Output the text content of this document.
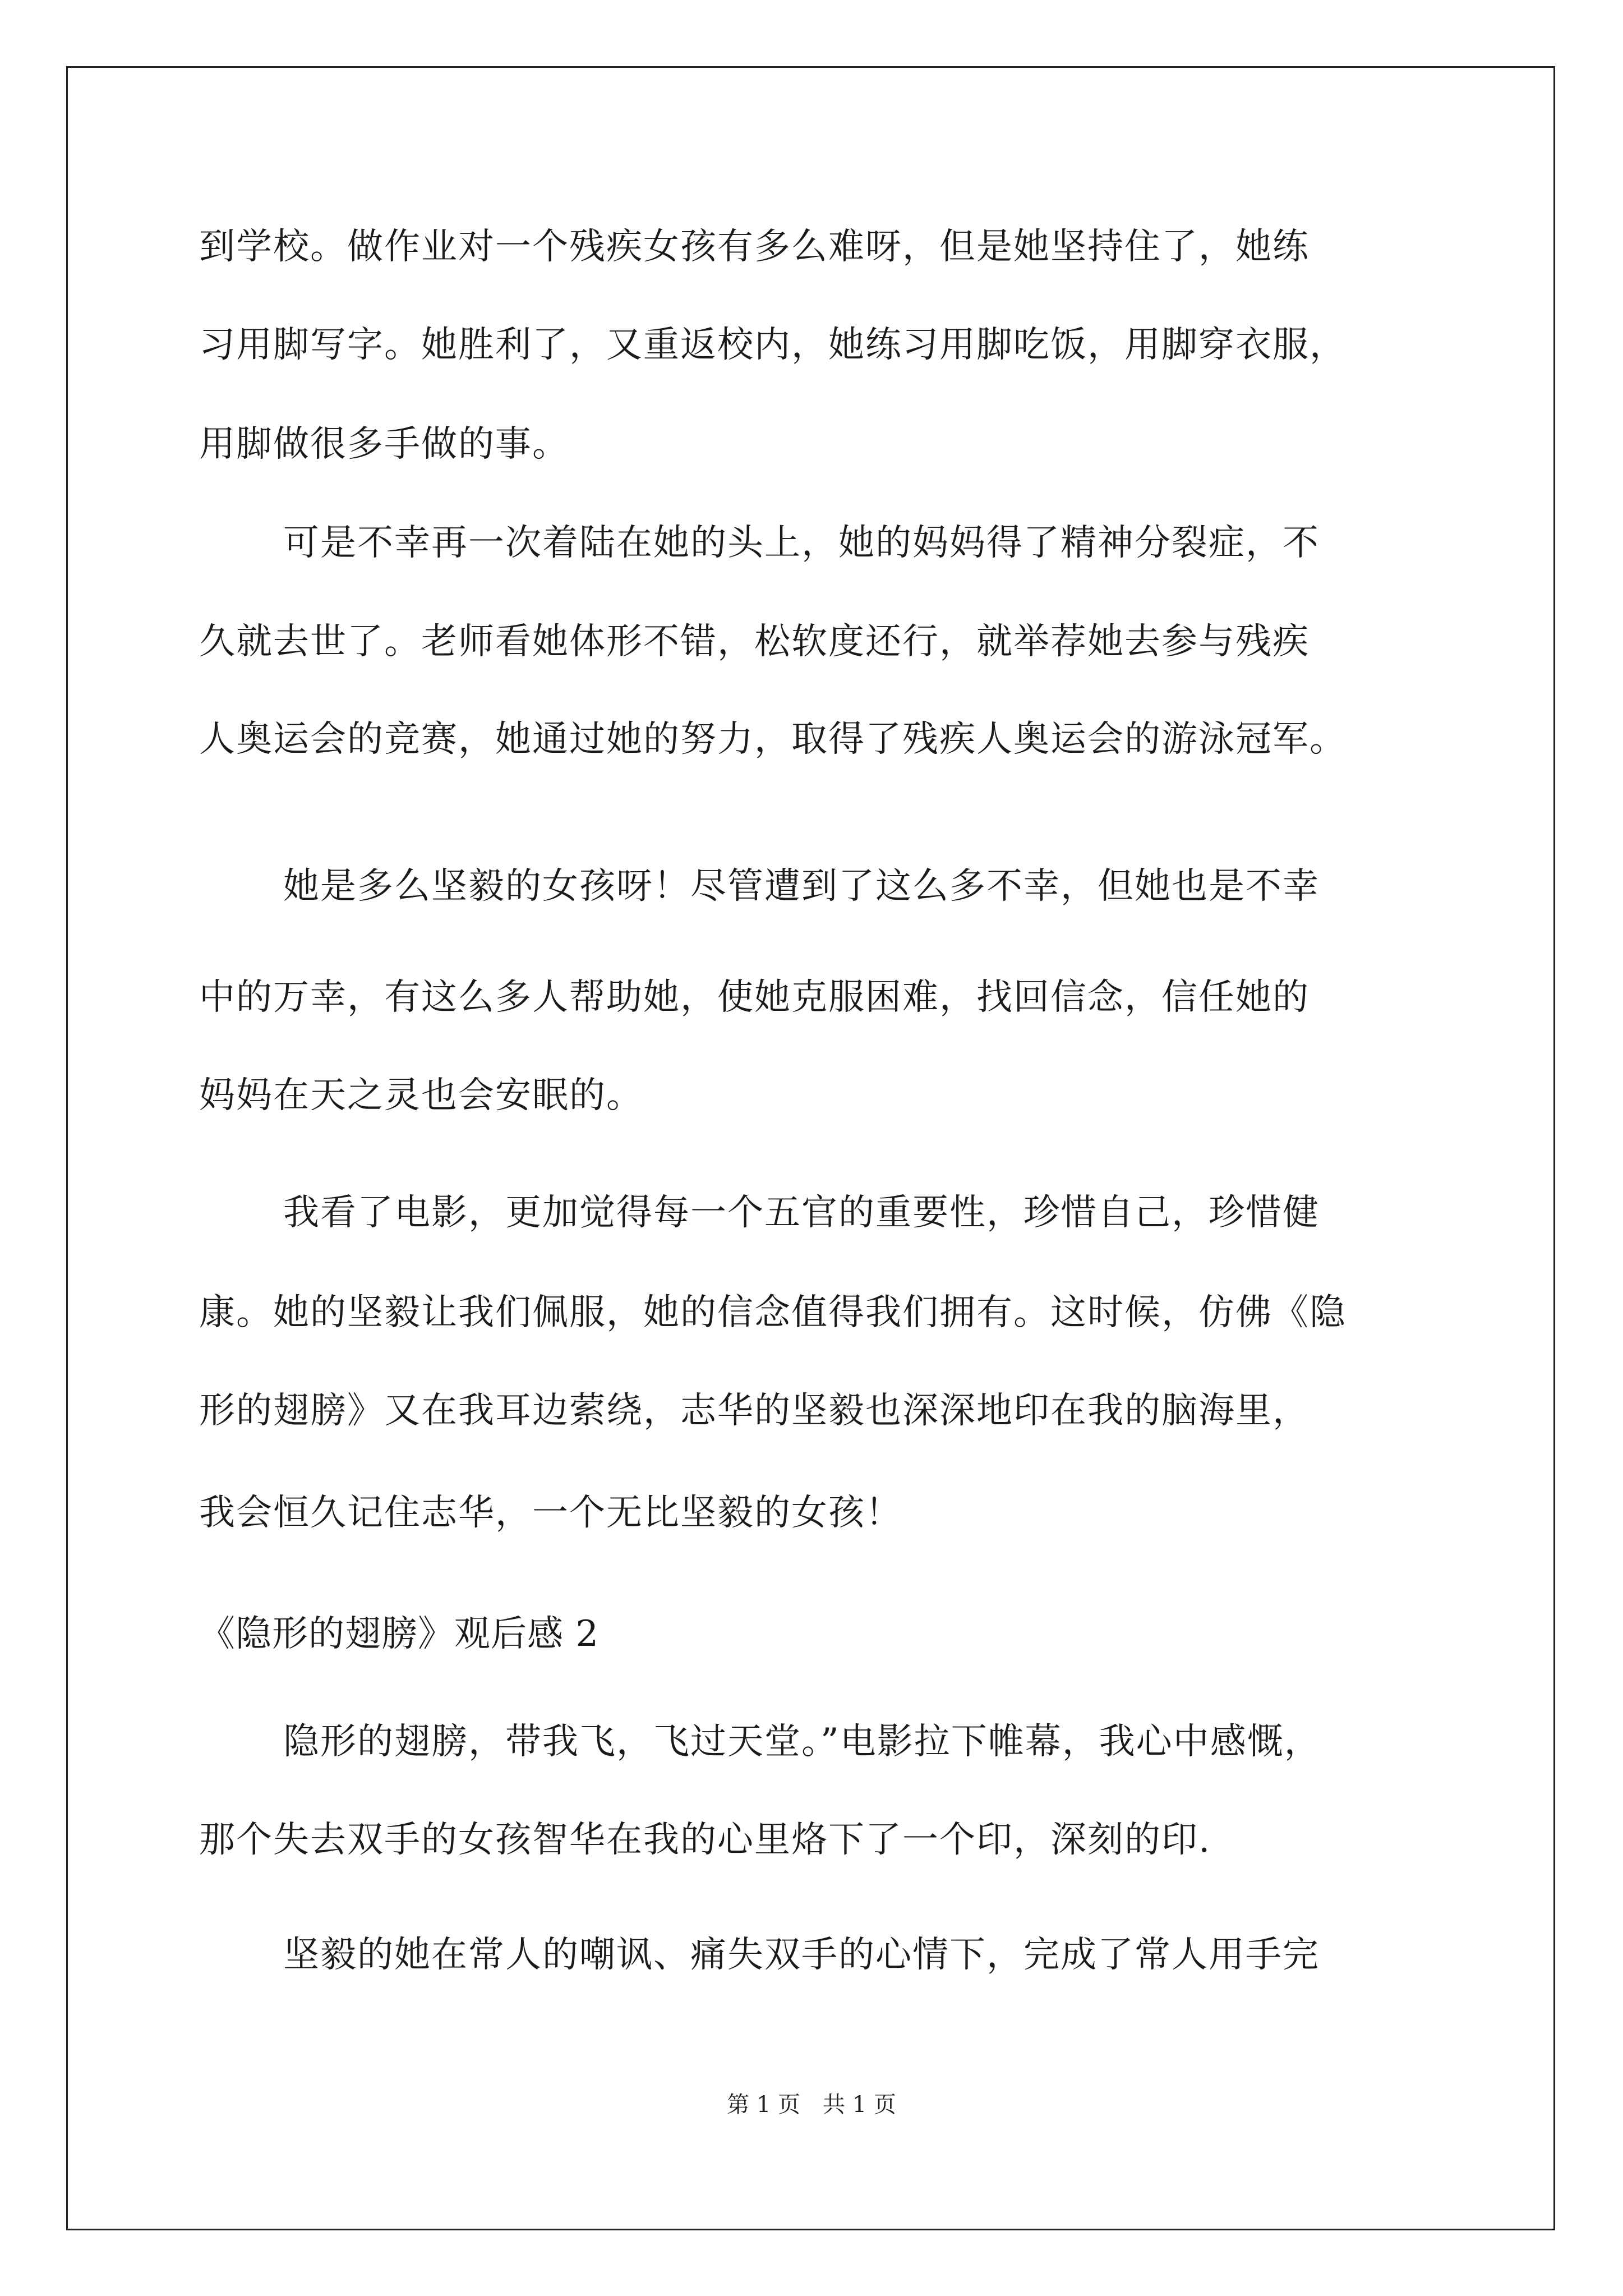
到学校。做作业对一个残疾女孩有多么难呀，但是她坚持住了，她练
习用脚写字。她胜利了，又重返校内，她练习用脚吃饭，用脚穿衣服，
用脚做很多手做的事。
可是不幸再一次着陆在她的头上，她的妈妈得了精神分裂症，不
久就去世了。老师看她体形不错，松软度还行，就举荐她去参与残疾
人奥运会的竞赛，她通过她的努力，取得了残疾人奥运会的游泳冠军。
她是多么坚毅的女孩呀！尽管遭到了这么多不幸，但她也是不幸
中的万幸，有这么多人帮助她，使她克服困难，找回信念，信任她的
妈妈在天之灵也会安眠的。
我看了电影，更加觉得每一个五官的重要性，珍惜自己，珍惜健
康。她的坚毅让我们佩服，她的信念值得我们拥有。这时候，仿佛《隐
形的翅膀》又在我耳边萦绕，志华的坚毅也深深地印在我的脑海里，
我会恒久记住志华，一个无比坚毅的女孩！
《隐形的翅膀》观后感 2
隐形的翅膀，带我飞，飞过天堂。”电影拉下帷幕，我心中感慨，
那个失去双手的女孩智华在我的心里烙下了一个印，深刻的印.
坚毅的她在常人的嘲讽、痛失双手的心情下，完成了常人用手完
第 1 页 共 1 页
